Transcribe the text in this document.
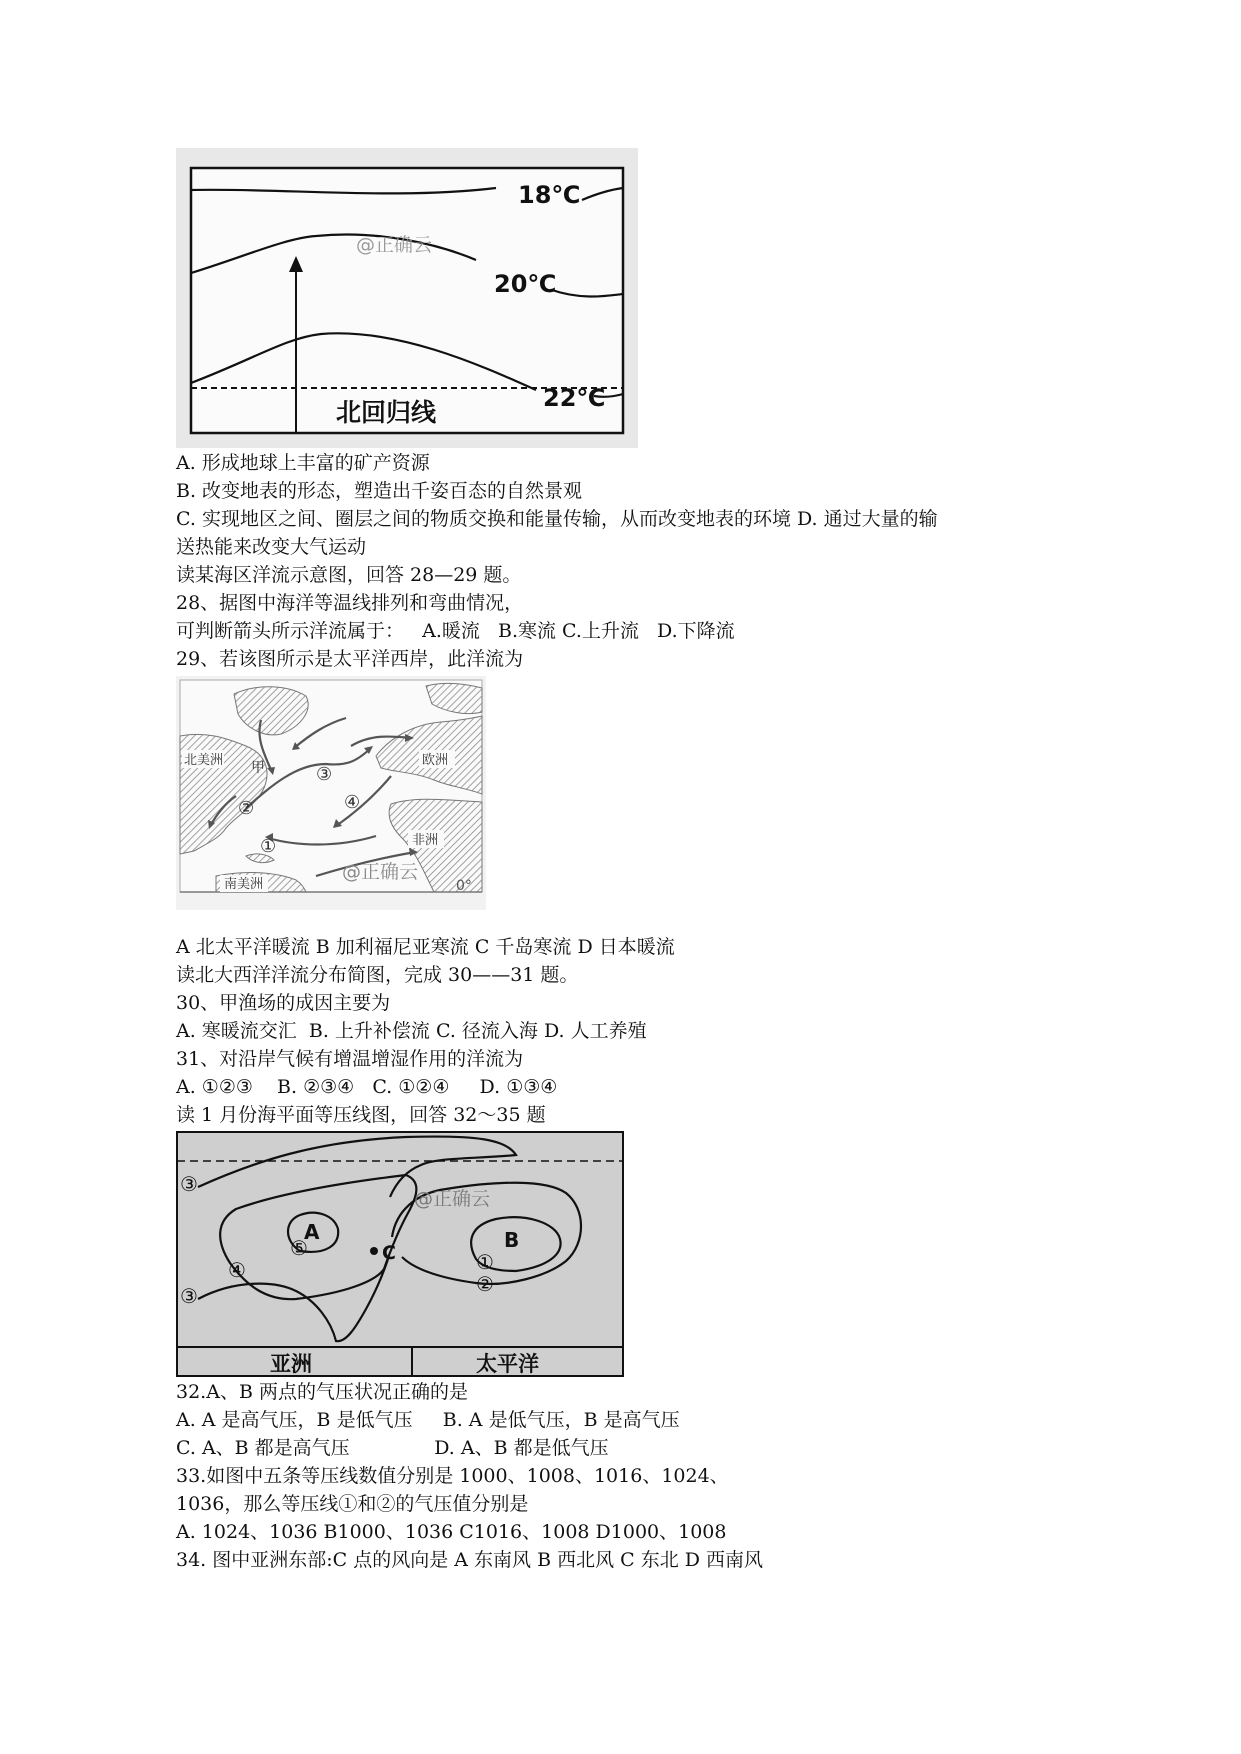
18℃
20℃
22℃
北回归线
@正确云
A. 形成地球上丰富的矿产资源
B. 改变地表的形态，塑造出千姿百态的自然景观
C. 实现地区之间、圈层之间的物质交换和能量传输，从而改变地表的环境 D. 通过大量的输
送热能来改变大气运动
读某海区洋流示意图，回答 28—29 题。
28、据图中海洋等温线排列和弯曲情况，
可判断箭头所示洋流属于：   A.暖流   B.寒流 C.上升流   D.下降流
29、若该图所示是太平洋西岸，此洋流为
北美洲	欧洲
非洲
南美洲
甲
①
②
③
④
0°
@正确云
A 北太平洋暖流 B 加利福尼亚寒流 C 千岛寒流 D 日本暖流
读北大西洋洋流分布简图，完成 30——31 题。
30、甲渔场的成因主要为
A. 寒暖流交汇  B. 上升补偿流 C. 径流入海 D. 人工养殖
31、对沿岸气候有增温增湿作用的洋流为
A. ①②③    B. ②③④   C. ①②④     D. ①③④
读 1 月份海平面等压线图，回答 32～35 题
A	B
C
③
③
④
⑤
①
②
亚洲	太平洋
@正确云
32.A、B 两点的气压状况正确的是
A. A 是高气压，B 是低气压     B. A 是低气压，B 是高气压
C. A、B 都是高气压              D. A、B 都是低气压
33.如图中五条等压线数值分别是 1000、1008、1016、1024、
1036，那么等压线①和②的气压值分别是
A. 1024、1036 B1000、1036 C1016、1008 D1000、1008
34. 图中亚洲东部:C 点的风向是 A 东南风 B 西北风 C 东北 D 西南风
